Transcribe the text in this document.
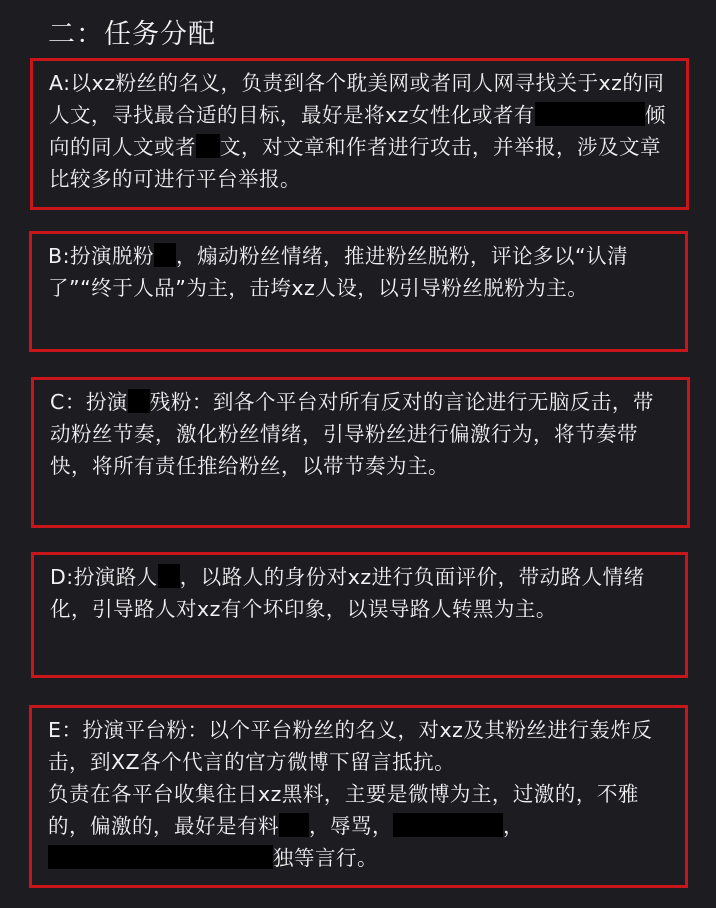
二：任务分配
A:以xz粉丝的名义，负责到各个耽美网或者同人网寻找关于xz的同人文，寻找最合适的目标，最好是将xz女性化或者有	倾向的同人文或者 文，对文章和作者进行攻击，并举报，涉及文章比较多的可进行平台举报。
B:扮演脱粉 ，煽动粉丝情绪，推进粉丝脱粉，评论多以“认清了”“终于人品”为主，击垮xz人设，以引导粉丝脱粉为主。
C：扮演 残粉：到各个平台对所有反对的言论进行无脑反击，带动粉丝节奏，激化粉丝情绪，引导粉丝进行偏激行为，将节奏带快，将所有责任推给粉丝，以带节奏为主。
D:扮演路人 ，以路人的身份对xz进行负面评价，带动路人情绪化，引导路人对xz有个坏印象，以误导路人转黑为主。
E：扮演平台粉：以个平台粉丝的名义，对xz及其粉丝进行轰炸反击，到XZ各个代言的官方微博下留言抵抗。
负责在各平台收集往日xz黑料，主要是微博为主，过激的，不雅的，偏激的，最好是有料 ，辱骂，	，独等言行。
